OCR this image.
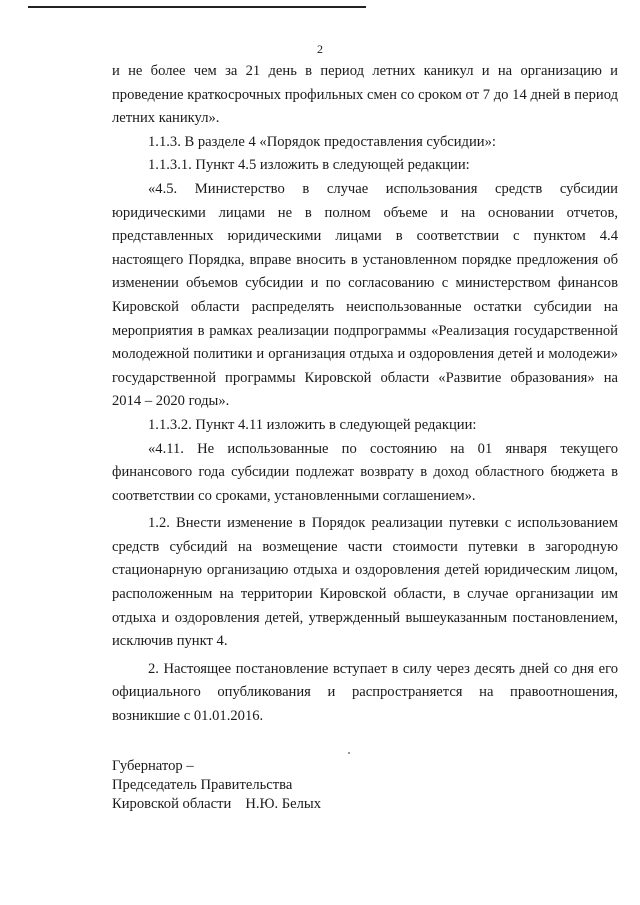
2

и не более чем за 21 день в период летних каникул и на организацию и проведение краткосрочных профильных смен со сроком от 7 до 14 дней в период летних каникул».

1.1.3. В разделе 4 «Порядок предоставления субсидии»:

1.1.3.1. Пункт 4.5 изложить в следующей редакции:

«4.5. Министерство в случае использования средств субсидии юридическими лицами не в полном объеме и на основании отчетов, представленных юридическими лицами в соответствии с пунктом 4.4 настоящего Порядка, вправе вносить в установленном порядке предложения об изменении объемов субсидии и по согласованию с министерством финансов Кировской области распределять неиспользованные остатки субсидии на мероприятия в рамках реализации подпрограммы «Реализация государственной молодежной политики и организация отдыха и оздоровления детей и молодежи» государственной программы Кировской области «Развитие образования» на 2014 – 2020 годы».

1.1.3.2. Пункт 4.11 изложить в следующей редакции:

«4.11. Не использованные по состоянию на 01 января текущего финансового года субсидии подлежат возврату в доход областного бюджета в соответствии со сроками, установленными соглашением».

1.2. Внести изменение в Порядок реализации путевки с использованием средств субсидий на возмещение части стоимости путевки в загородную стационарную организацию отдыха и оздоровления детей юридическим лицом, расположенным на территории Кировской области, в случае организации им отдыха и оздоровления детей, утвержденный вышеуказанным постановлением, исключив пункт 4.

2. Настоящее постановление вступает в силу через десять дней со дня его официального опубликования и распространяется на правоотношения, возникшие с 01.01.2016.

Губернатор –
Председатель Правительства
Кировской области Н.Ю. Белых
